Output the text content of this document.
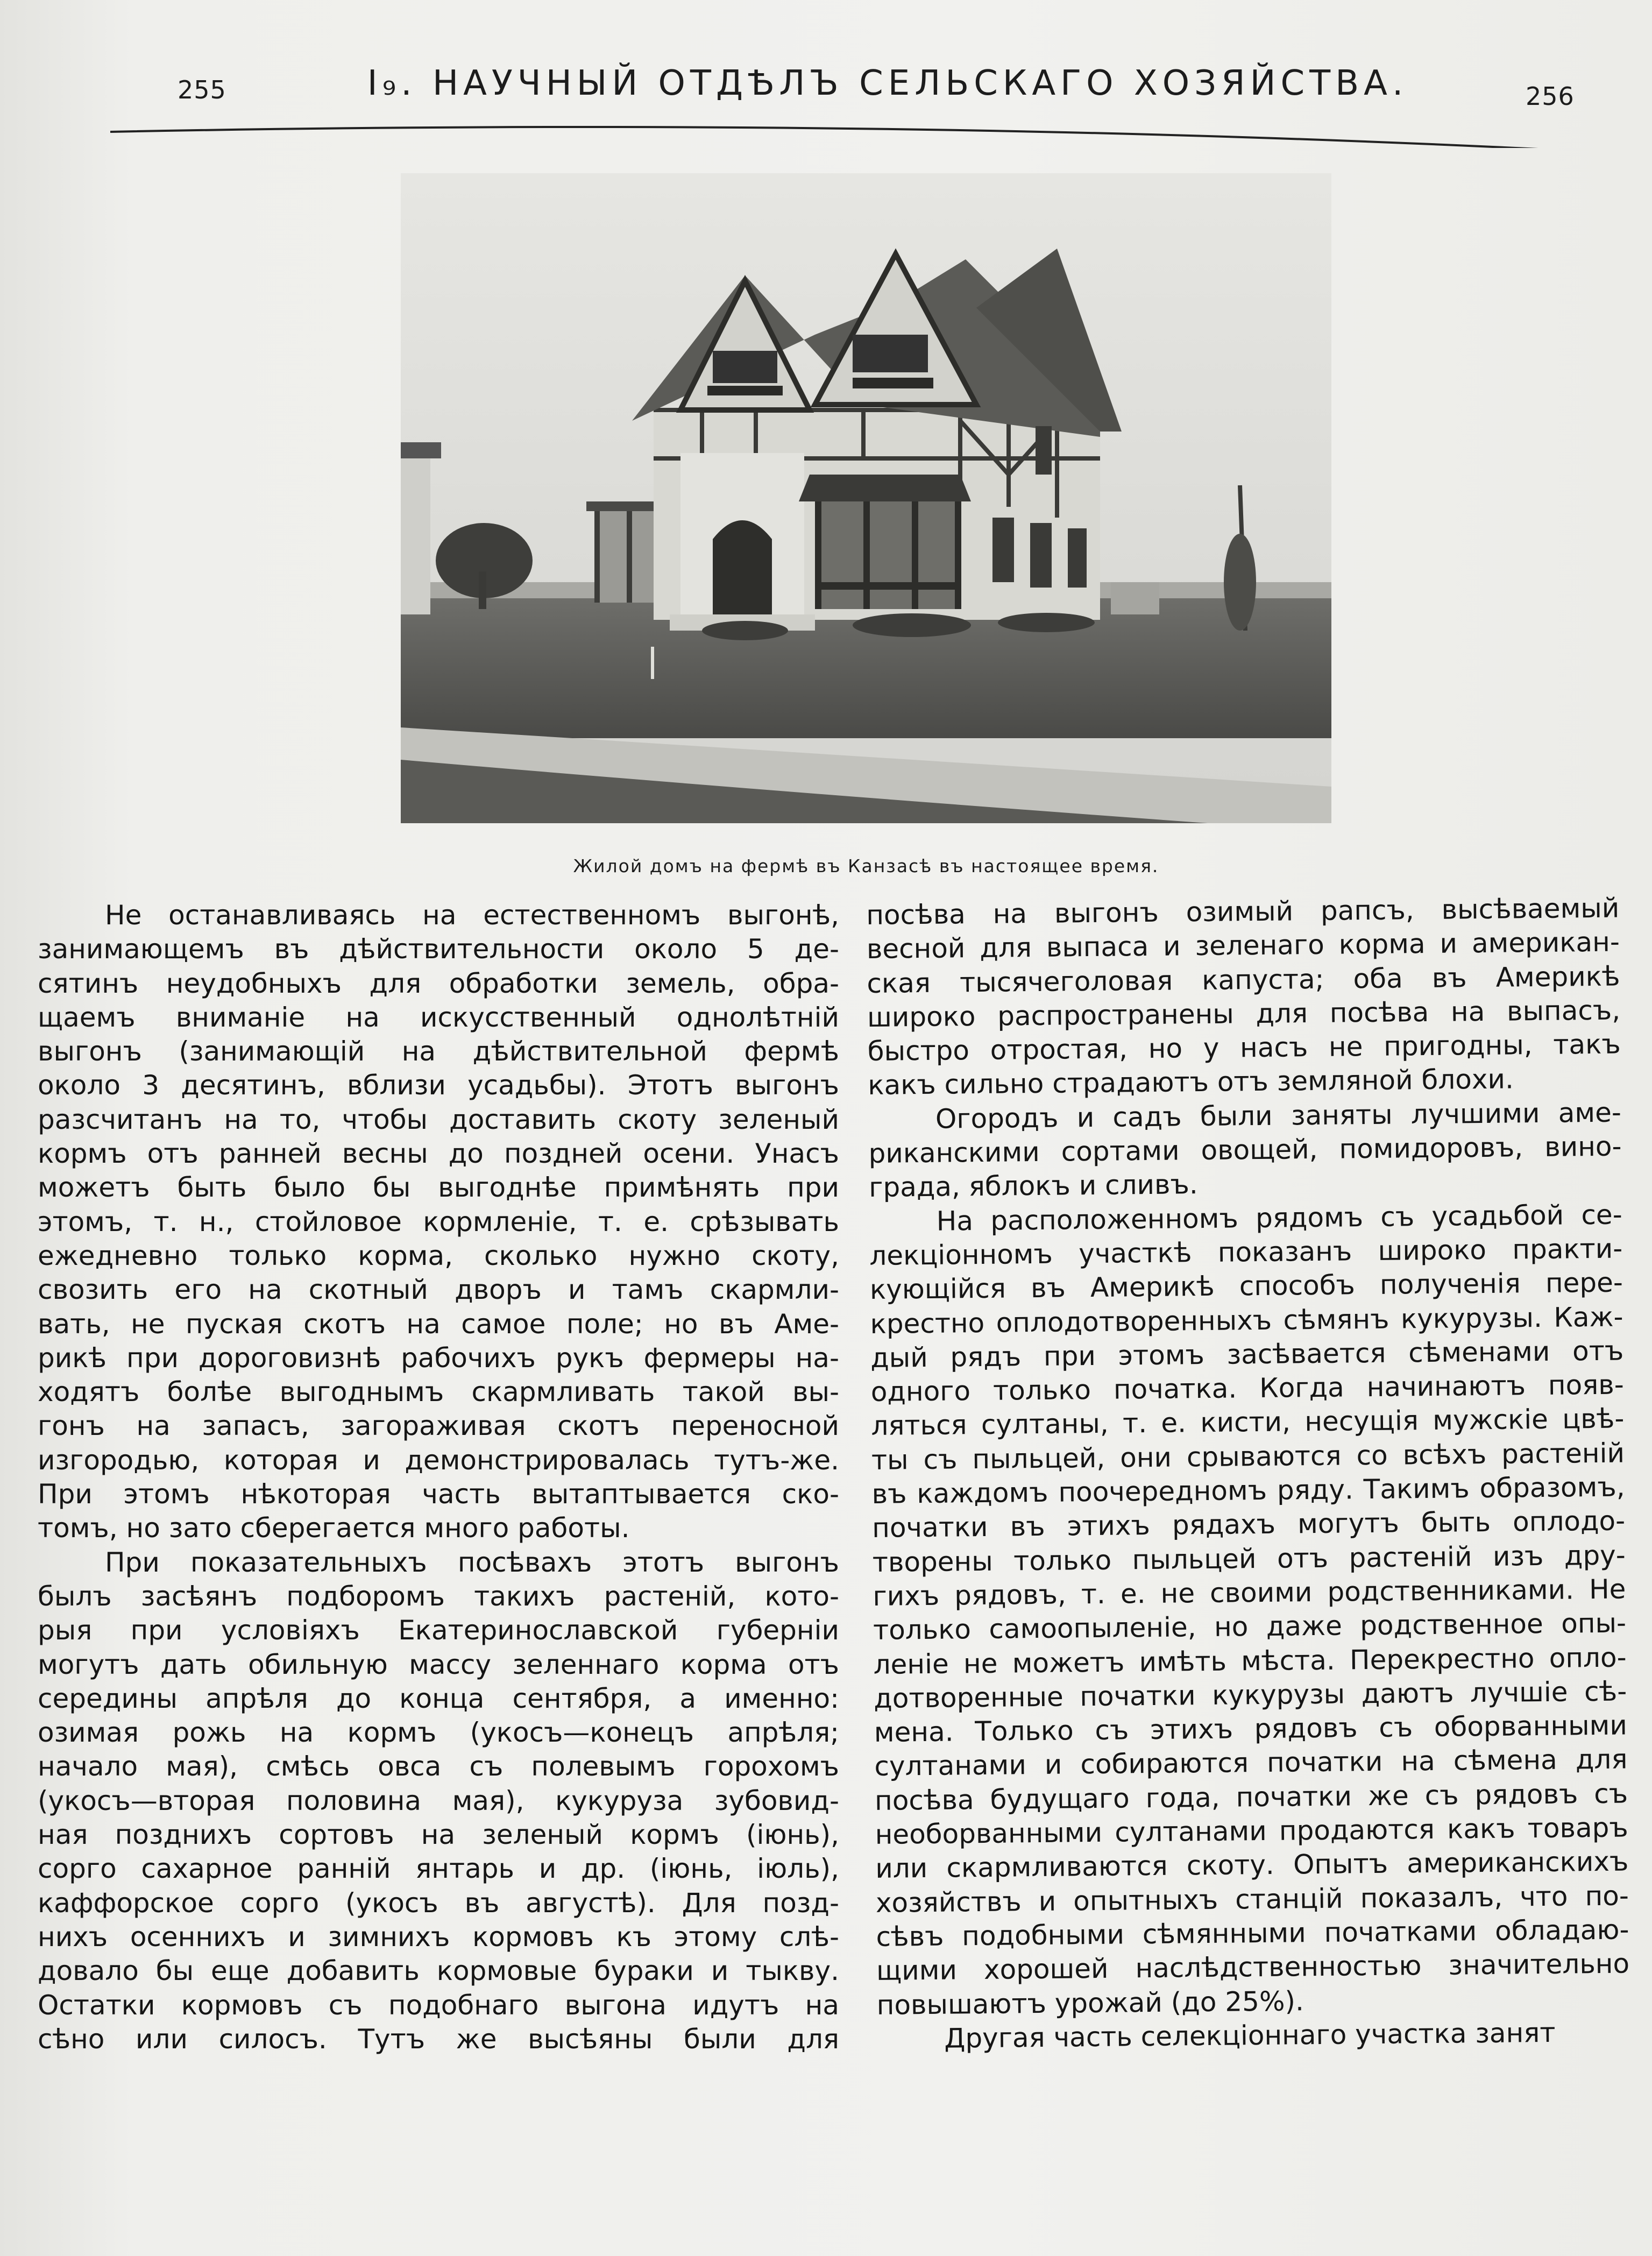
255	I₉. НАУЧНЫЙ ОТДѢЛЪ СЕЛЬСКАГО ХОЗЯЙСТВА.	256
Жилой домъ на фермѣ въ Канзасѣ въ настоящее время.
Не останавливаясь на естественномъ выгонѣ,
занимающемъ въ дѣйствительности около 5 де-
сятинъ неудобныхъ для обработки земель, обра-
щаемъ вниманіе на искусственный однолѣтній
выгонъ (занимающій на дѣйствительной фермѣ
около 3 десятинъ, вблизи усадьбы). Этотъ выгонъ
разсчитанъ на то, чтобы доставить скоту зеленый
кормъ отъ ранней весны до поздней осени. Унасъ
можетъ быть было бы выгоднѣе примѣнять при
этомъ, т. н., стойловое кормленіе, т. е. срѣзывать
ежедневно только корма, сколько нужно скоту,
свозить его на скотный дворъ и тамъ скармли-
вать, не пуская скотъ на самое поле; но въ Аме-
рикѣ при дороговизнѣ рабочихъ рукъ фермеры на-
ходятъ болѣе выгоднымъ скармливать такой вы-
гонъ на запасъ, загораживая скотъ переносной
изгородью, которая и демонстрировалась тутъ-же.
При этомъ нѣкоторая часть вытаптывается ско-
томъ, но зато сберегается много работы.
При показательныхъ посѣвахъ этотъ выгонъ
былъ засѣянъ подборомъ такихъ растеній, кото-
рыя при условіяхъ Екатеринославской губерніи
могутъ дать обильную массу зеленнаго корма отъ
середины апрѣля до конца сентября, а именно:
озимая рожь на кормъ (укосъ—конецъ апрѣля;
начало мая), смѣсь овса съ полевымъ горохомъ
(укосъ—вторая половина мая), кукуруза зубовид-
ная позднихъ сортовъ на зеленый кормъ (іюнь),
сорго сахарное ранній янтарь и др. (іюнь, іюль),
каффорское сорго (укосъ въ августѣ). Для позд-
нихъ осеннихъ и зимнихъ кормовъ къ этому слѣ-
довало бы еще добавить кормовые бураки и тыкву.
Остатки кормовъ съ подобнаго выгона идутъ на
сѣно или силосъ. Тутъ же высѣяны были для
посѣва на выгонъ озимый рапсъ, высѣваемый
весной для выпаса и зеленаго корма и американ-
ская тысячеголовая капуста; оба въ Америкѣ
широко распространены для посѣва на выпасъ,
быстро отростая, но у насъ не пригодны, такъ
какъ сильно страдаютъ отъ земляной блохи.
Огородъ и садъ были заняты лучшими аме-
риканскими сортами овощей, помидоровъ, вино-
града, яблокъ и сливъ.
На расположенномъ рядомъ съ усадьбой се-
лекціонномъ участкѣ показанъ широко практи-
кующійся въ Америкѣ способъ полученія пере-
крестно оплодотворенныхъ сѣмянъ кукурузы. Каж-
дый рядъ при этомъ засѣвается сѣменами отъ
одного только початка. Когда начинаютъ появ-
ляться султаны, т. е. кисти, несущія мужскіе цвѣ-
ты съ пыльцей, они срываются со всѣхъ растеній
въ каждомъ поочередномъ ряду. Такимъ образомъ,
початки въ этихъ рядахъ могутъ быть оплодо-
творены только пыльцей отъ растеній изъ дру-
гихъ рядовъ, т. е. не своими родственниками. Не
только самоопыленіе, но даже родственное опы-
леніе не можетъ имѣть мѣста. Перекрестно опло-
дотворенные початки кукурузы даютъ лучшіе сѣ-
мена. Только съ этихъ рядовъ съ оборванными
султанами и собираются початки на сѣмена для
посѣва будущаго года, початки же съ рядовъ съ
необорванными султанами продаются какъ товаръ
или скармливаются скоту. Опытъ американскихъ
хозяйствъ и опытныхъ станцій показалъ, что по-
сѣвъ подобными сѣмянными початками обладаю-
щими хорошей наслѣдственностью значительно
повышаютъ урожай (до 25%).
Другая часть селекціоннаго участка занят
